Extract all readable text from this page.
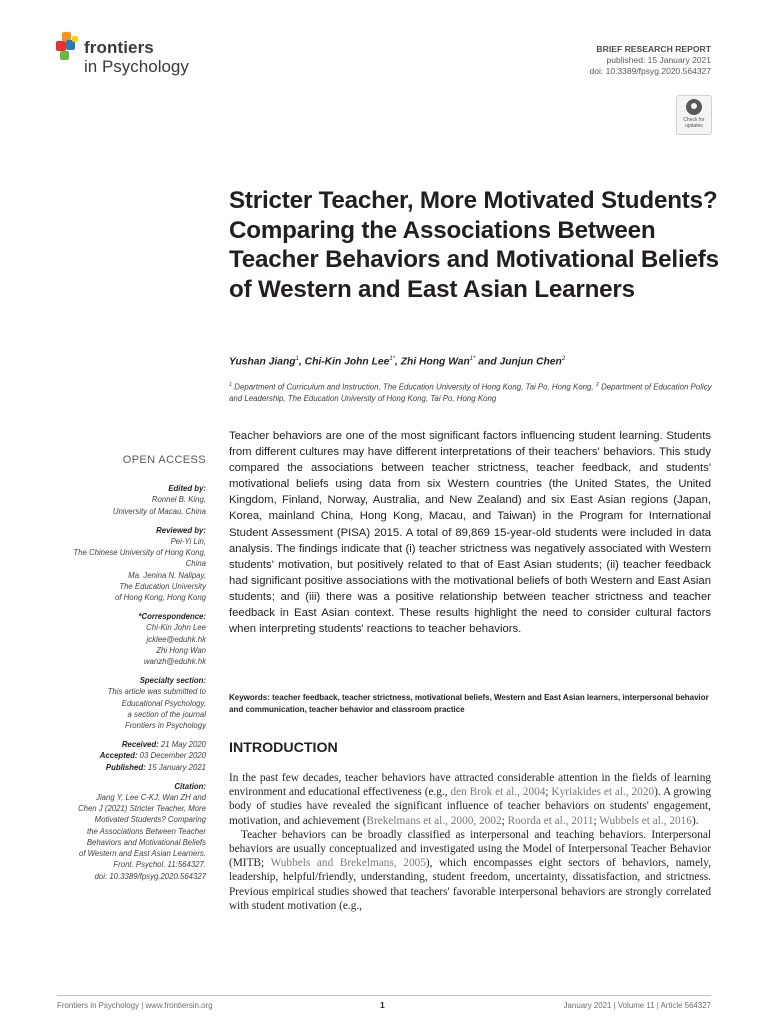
frontiers
in Psychology
BRIEF RESEARCH REPORT
published: 15 January 2021
doi: 10.3389/fpsyg.2020.564327
Check for
updates
Stricter Teacher, More Motivated Students? Comparing the Associations Between Teacher Behaviors and Motivational Beliefs of Western and East Asian Learners
Yushan Jiang$^1$, Chi-Kin John Lee$^{1*}$, Zhi Hong Wan$^{1*}$ and Junjun Chen$^2$
$^1$ Department of Curriculum and Instruction, The Education University of Hong Kong, Tai Po, Hong Kong, $^2$ Department of Education Policy and Leadership, The Education University of Hong Kong, Tai Po, Hong Kong
OPEN ACCESS
Edited by:
Ronnel B. King,
University of Macau, China
Reviewed by:
Pei-Yi Lin,
The Chinese University of Hong Kong,
China
Ma. Jenina N. Nalipay,
The Education University
of Hong Kong, Hong Kong
*Correspondence:
Chi-Kin John Lee
jcklee@eduhk.hk
Zhi Hong Wan
wanzh@eduhk.hk
Specialty section:
This article was submitted to
Educational Psychology,
a section of the journal
Frontiers in Psychology
Received: 21 May 2020
Accepted: 03 December 2020
Published: 15 January 2021
Citation:
Jiang Y, Lee C-KJ, Wan ZH and
Chen J (2021) Stricter Teacher, More
Motivated Students? Comparing
the Associations Between Teacher
Behaviors and Motivational Beliefs
of Western and East Asian Learners.
Front. Psychol. 11:564327.
doi: 10.3389/fpsyg.2020.564327

Teacher behaviors are one of the most significant factors influencing student learning. Students from different cultures may have different interpretations of their teachers' behaviors. This study compared the associations between teacher strictness, teacher feedback, and students' motivational beliefs using data from six Western countries (the United States, the United Kingdom, Finland, Norway, Australia, and New Zealand) and six East Asian regions (Japan, Korea, mainland China, Hong Kong, Macau, and Taiwan) in the Program for International Student Assessment (PISA) 2015. A total of 89,869 15-year-old students were included in data analysis. The findings indicate that (i) teacher strictness was negatively associated with Western students' motivation, but positively related to that of East Asian students; (ii) teacher feedback had significant positive associations with the motivational beliefs of both Western and East Asian students; and (iii) there was a positive relationship between teacher strictness and teacher feedback in East Asian context. These results highlight the need to consider cultural factors when interpreting students' reactions to teacher behaviors.

Keywords: teacher feedback, teacher strictness, motivational beliefs, Western and East Asian learners, interpersonal behavior and communication, teacher behavior and classroom practice
INTRODUCTION

In the past few decades, teacher behaviors have attracted considerable attention in the fields of learning environment and educational effectiveness (e.g., den Brok et al., 2004; Kyriakides et al., 2020). A growing body of studies have revealed the significant influence of teacher behaviors on students' engagement, motivation, and achievement (Brekelmans et al., 2000, 2002; Roorda et al., 2011; Wubbels et al., 2016).

Teacher behaviors can be broadly classified as interpersonal and teaching behaviors. Interpersonal behaviors are usually conceptualized and investigated using the Model of Interpersonal Teacher Behavior (MITB; Wubbels and Brekelmans, 2005), which encompasses eight sectors of behaviors, namely, leadership, helpful/friendly, understanding, student freedom, uncertainty, dissatisfaction, and strictness. Previous empirical studies showed that teachers' favorable interpersonal behaviors are strongly correlated with student motivation (e.g.,

Frontiers in Psychology | www.frontiersin.org	1	January 2021 | Volume 11 | Article 564327
